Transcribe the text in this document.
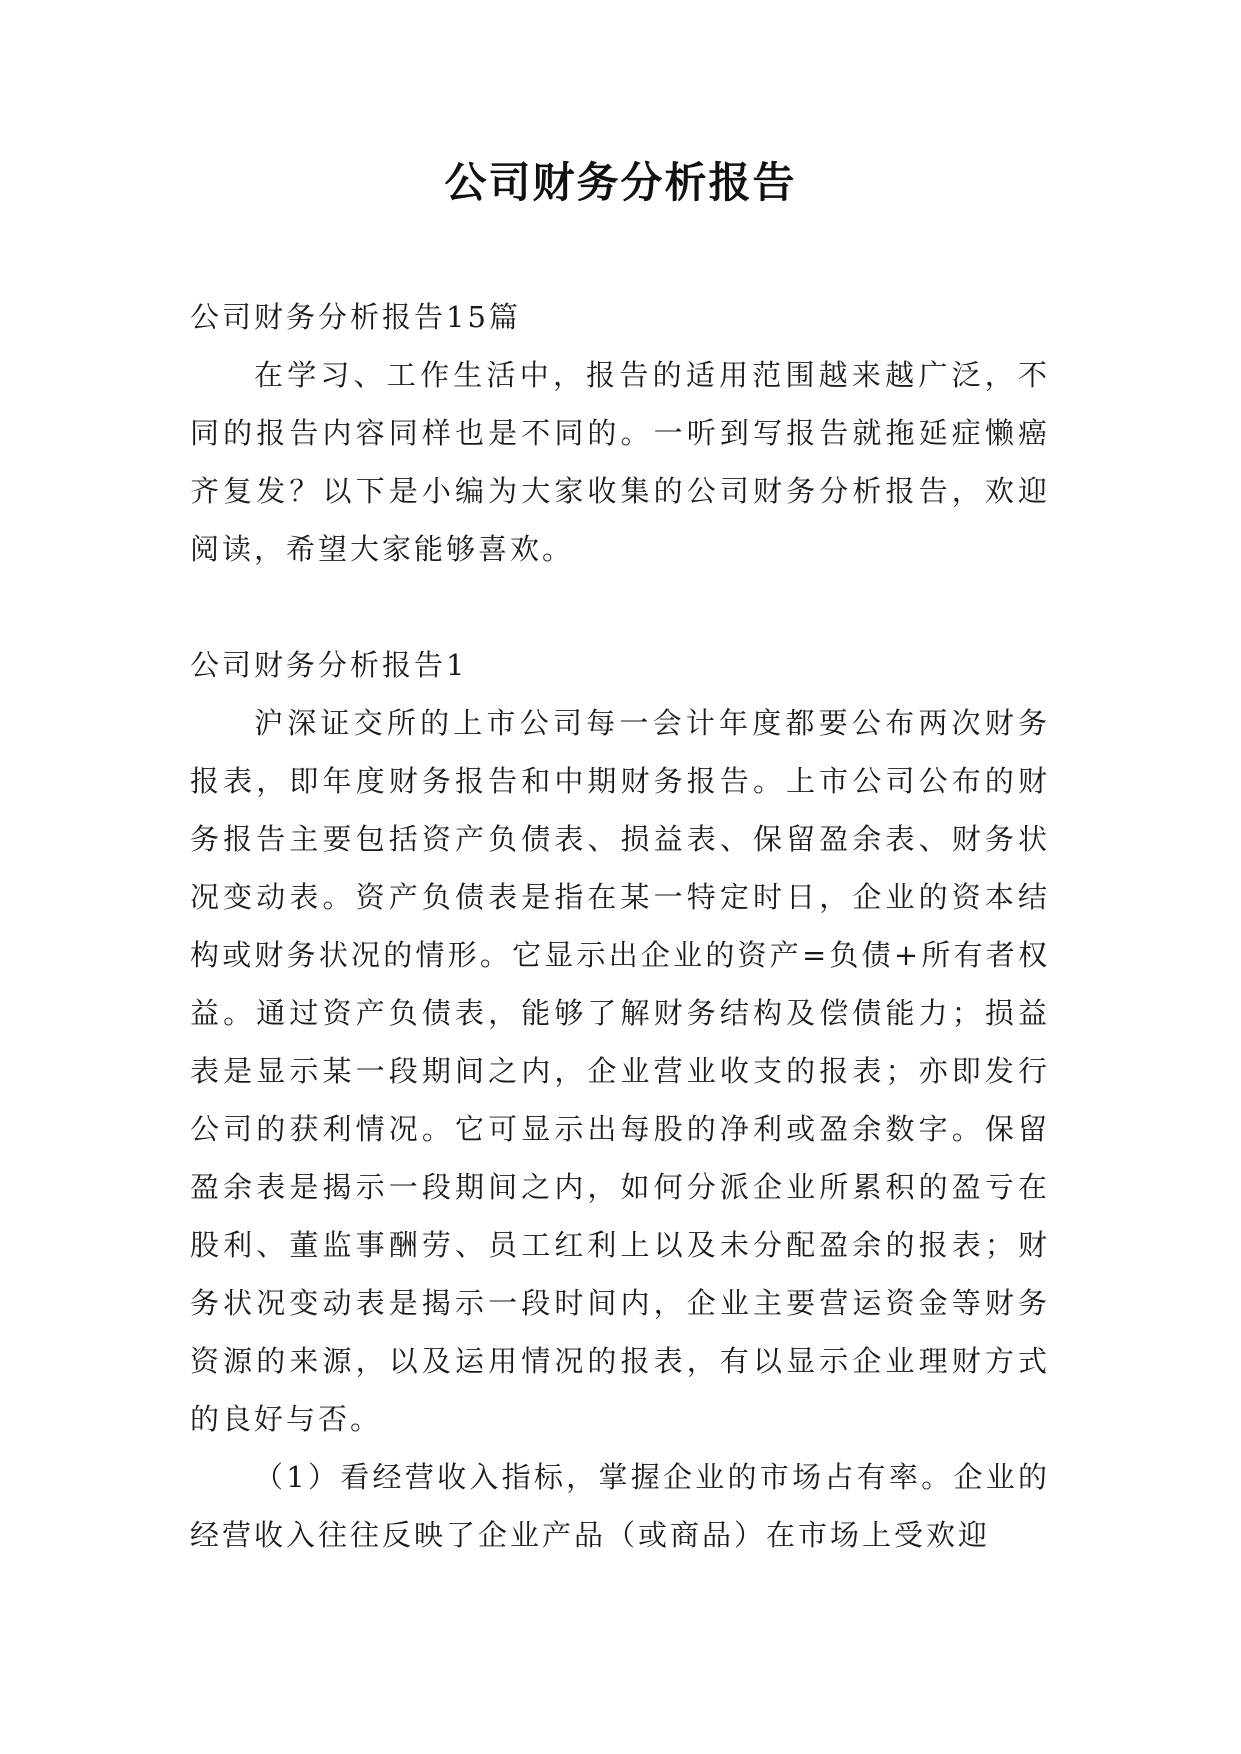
公司财务分析报告

公司财务分析报告15篇

在学习、工作生活中，报告的适用范围越来越广泛，不同的报告内容同样也是不同的。一听到写报告就拖延症懒癌齐复发？以下是小编为大家收集的公司财务分析报告，欢迎阅读，希望大家能够喜欢。

公司财务分析报告1

沪深证交所的上市公司每一会计年度都要公布两次财务报表，即年度财务报告和中期财务报告。上市公司公布的财务报告主要包括资产负债表、损益表、保留盈余表、财务状况变动表。资产负债表是指在某一特定时日，企业的资本结构或财务状况的情形。它显示出企业的资产=负债+所有者权益。通过资产负债表，能够了解财务结构及偿债能力；损益表是显示某一段期间之内，企业营业收支的报表；亦即发行公司的获利情况。它可显示出每股的净利或盈余数字。保留盈余表是揭示一段期间之内，如何分派企业所累积的盈亏在股利、董监事酬劳、员工红利上以及未分配盈余的报表；财务状况变动表是揭示一段时间内，企业主要营运资金等财务资源的来源，以及运用情况的报表，有以显示企业理财方式的良好与否。

（1）看经营收入指标，掌握企业的市场占有率。企业的经营收入往往反映了企业产品（或商品）在市场上受欢迎
